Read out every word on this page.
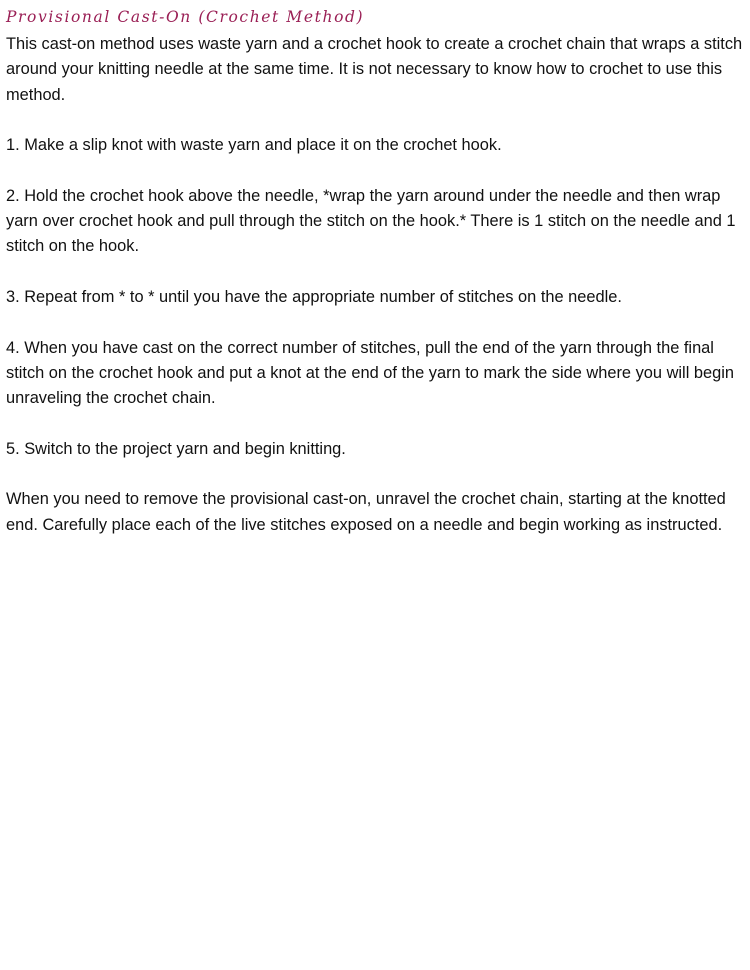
Provisional Cast-On (Crochet Method)

This cast-on method uses waste yarn and a crochet hook to create a crochet chain that wraps a stitch around your knitting needle at the same time. It is not necessary to know how to crochet to use this method.

1. Make a slip knot with waste yarn and place it on the crochet hook.

2. Hold the crochet hook above the needle, *wrap the yarn around under the needle and then wrap yarn over crochet hook and pull through the stitch on the hook.* There is 1 stitch on the needle and 1 stitch on the hook.

3. Repeat from * to * until you have the appropriate number of stitches on the needle.

4. When you have cast on the correct number of stitches, pull the end of the yarn through the final stitch on the crochet hook and put a knot at the end of the yarn to mark the side where you will begin unraveling the crochet chain.

5. Switch to the project yarn and begin knitting.

When you need to remove the provisional cast-on, unravel the crochet chain, starting at the knotted end. Carefully place each of the live stitches exposed on a needle and begin working as instructed.
